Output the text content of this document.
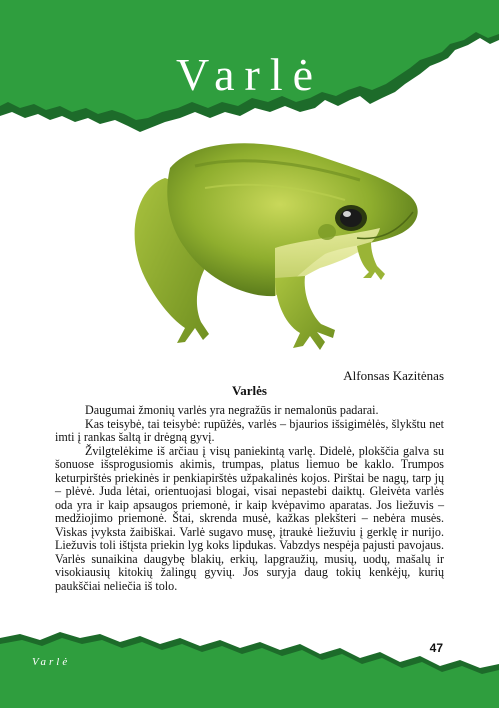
Varlė
Alfonsas Kazitėnas
Varlės

Daugumai žmonių varlės yra negražūs ir nemalonūs padarai.

Kas teisybė, tai teisybė: rupūžės, varlės – bjaurios išsigimėlės, šlykštu net imti į rankas šaltą ir drėgną gyvį.

Žvilgtelėkime iš arčiau į visų paniekintą varlę. Didelė, plokščia galva su šonuose išsprogusiomis akimis, trumpas, platus liemuo be kaklo. Trumpos keturpirštės priekinės ir penkiapirštės užpakalinės kojos. Pirštai be nagų, tarp jų – plėvė. Juda lėtai, orientuojasi blogai, visai nepastebi daiktų. Gleivėta varlės oda yra ir kaip apsaugos priemonė, ir kaip kvėpavimo aparatas. Jos liežuvis – medžiojimo priemonė. Štai, skrenda musė, kažkas plekšteri – nebėra musės. Viskas įvyksta žaibiškai. Varlė sugavo musę, įtraukė liežuviu į gerklę ir nurijo. Liežuvis toli ištįsta priekin lyg koks lipdukas. Vabzdys nespėja pajusti pavojaus. Varlės sunaikina daugybę blakių, erkių, lapgraužių, musių, uodų, mašalų ir visokiausių kitokių žalingų gyvių. Jos suryja daug tokių kenkėjų, kurių paukščiai neliečia iš tolo.

Varlė
47
